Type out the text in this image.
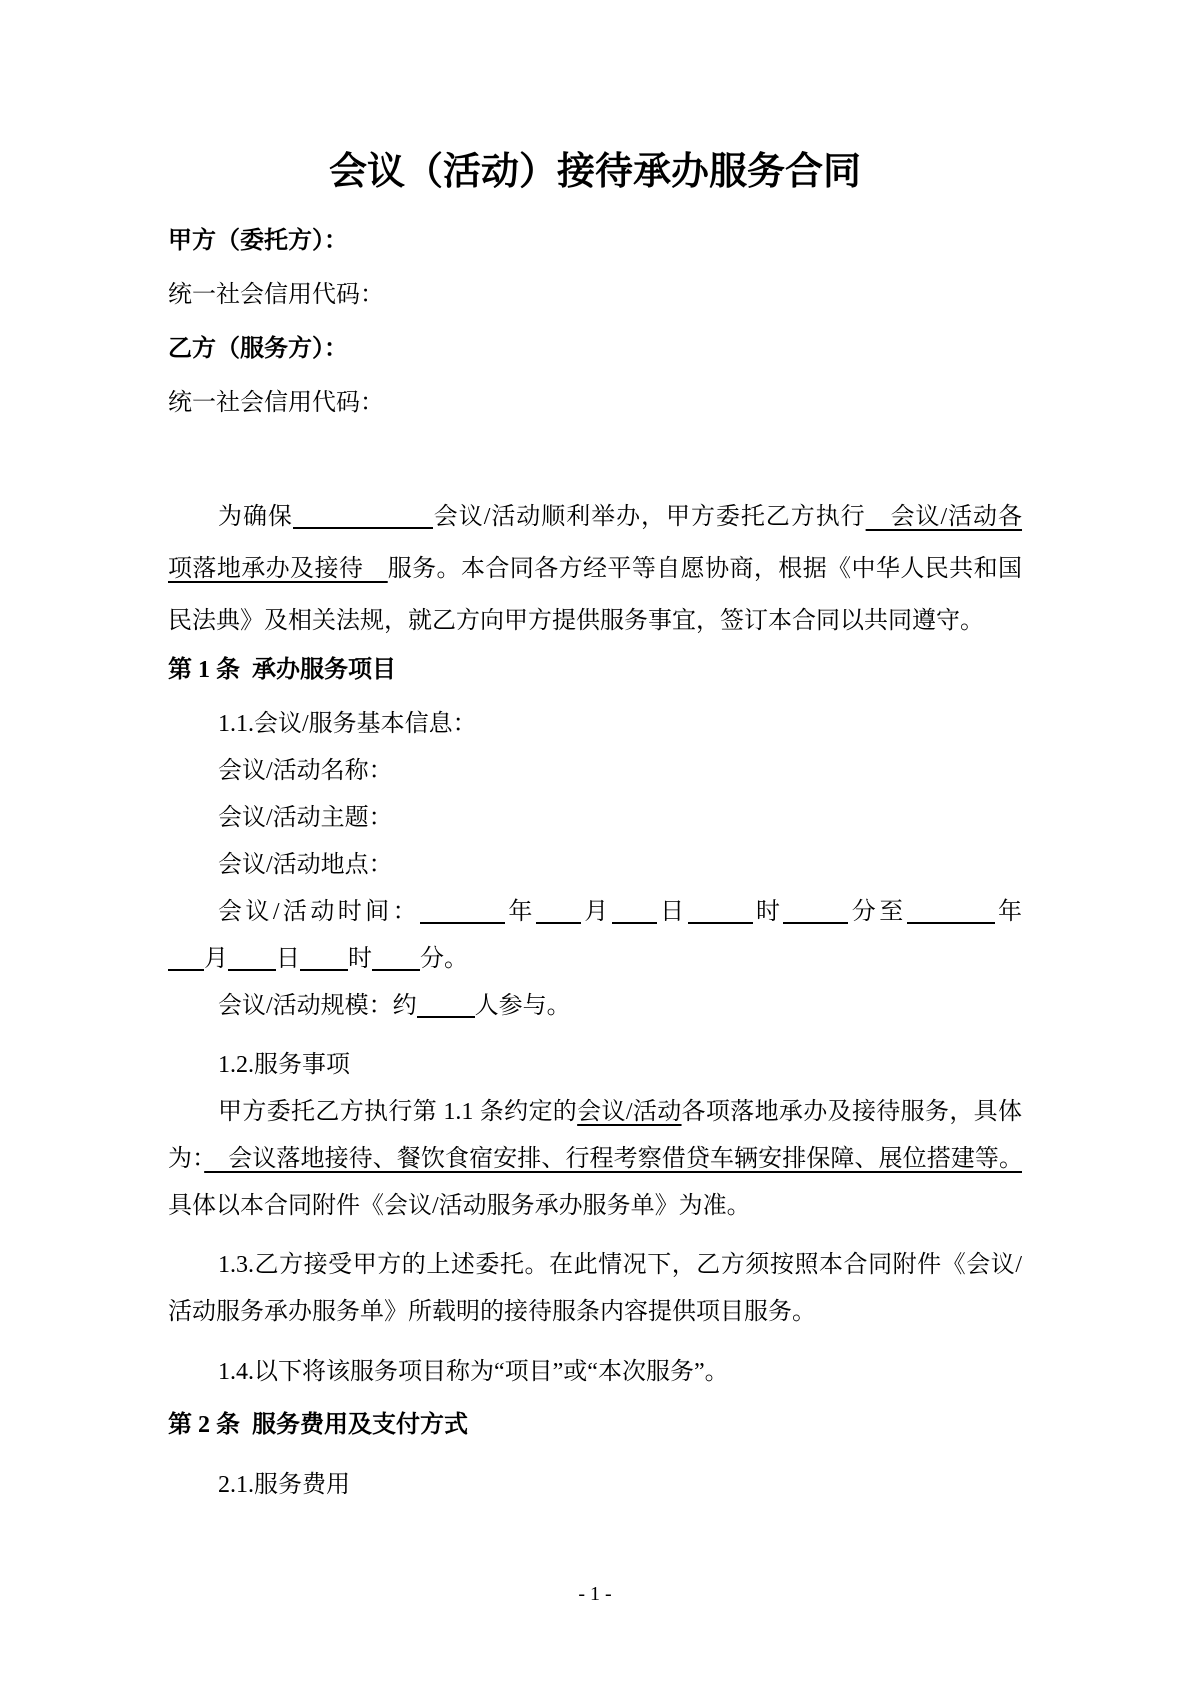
会议（活动）接待承办服务合同
甲方（委托方）：
统一社会信用代码：
乙方（服务方）：
统一社会信用代码：
为确保	会议/活动顺利举办，甲方委托乙方执行　会议/活动各
项落地承办及接待　服务。本合同各方经平等自愿协商，根据《中华人民共和国
民法典》及相关法规，就乙方向甲方提供服务事宜，签订本合同以共同遵守。
第 1 条  承办服务项目
1.1.会议/服务基本信息：
会议/活动名称：
会议/活动主题：
会议/活动地点：
会议/活动时间：	年 月 日	时	分至	年
月 日 时 分。
会议/活动规模：约 人参与。
1.2.服务事项
甲方委托乙方执行第 1.1 条约定的会议/活动各项落地承办及接待服务，具体
为：　会议落地接待、餐饮食宿安排、行程考察借贷车辆安排保障、展位搭建等。
具体以本合同附件《会议/活动服务承办服务单》为准。
1.3.乙方接受甲方的上述委托。在此情况下，乙方须按照本合同附件《会议/
活动服务承办服务单》所载明的接待服条内容提供项目服务。
1.4.以下将该服务项目称为“项目”或“本次服务”。
第 2 条  服务费用及支付方式
2.1.服务费用
- 1 -
